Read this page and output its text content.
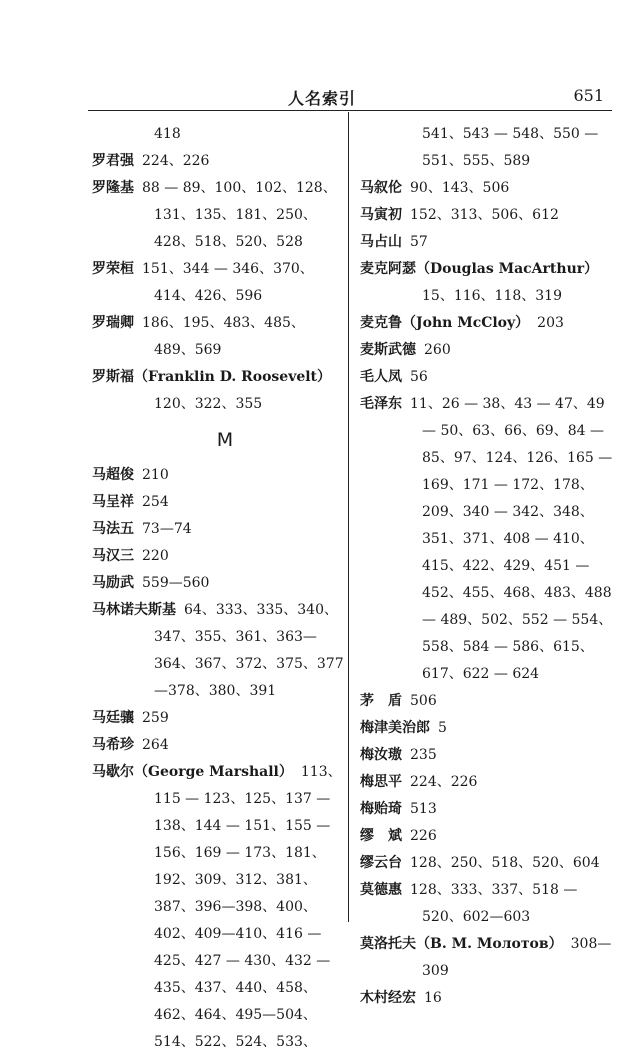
人名索引	651
418
罗君强 224、226
罗隆基 88 — 89、100、102、128、131、135、181、250、428、518、520、528
罗荣桓 151、344 — 346、370、414、426、596
罗瑞卿 186、195、483、485、489、569
罗斯福（Franklin D. Roosevelt）120、322、355
M
马超俊 210
马呈祥 254
马法五 73—74
马汉三 220
马励武 559—560
马林诺夫斯基 64、333、335、340、347、355、361、363—364、367、372、375、377—378、380、391
马廷骧 259
马希珍 264
马歇尔（George Marshall） 113、115 — 123、125、137 — 138、144 — 151、155 — 156、169 — 173、181、192、309、312、381、387、396—398、400、402、409—410、416 — 425、427 — 430、432 — 435、437、440、458、462、464、495—504、514、522、524、533、
541、543 — 548、550 — 551、555、589
马叙伦 90、143、506
马寅初 152、313、506、612
马占山 57
麦克阿瑟（Douglas MacArthur）15、116、118、319
麦克鲁（John McCloy） 203
麦斯武德 260
毛人凤 56
毛泽东 11、26 — 38、43 — 47、49 — 50、63、66、69、84 — 85、97、124、126、165 — 169、171 — 172、178、209、340 — 342、348、351、371、408 — 410、415、422、429、451 — 452、455、468、483、488 — 489、502、552 — 554、558、584 — 586、615、617、622 — 624
茅　盾 506
梅津美治郎 5
梅汝璈 235
梅思平 224、226
梅贻琦 513
缪　斌 226
缪云台 128、250、518、520、604
莫德惠 128、333、337、518 — 520、602—603
莫洛托夫（B. M. Молотов） 308—309
木村经宏 16
